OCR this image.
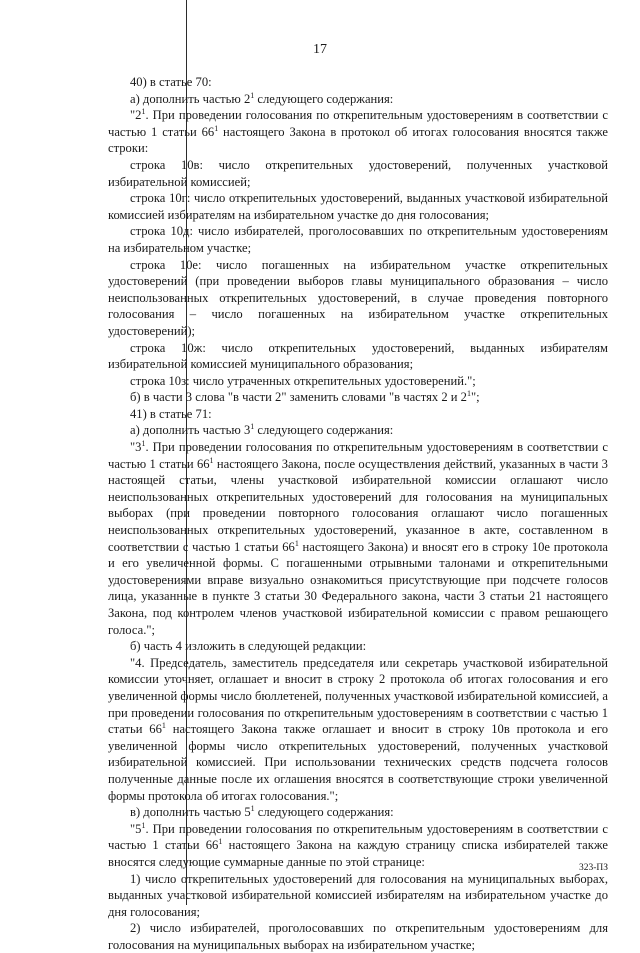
17

40) в статье 70:

а) дополнить частью $2^1$ следующего содержания:

"$2^1$. При проведении голосования по открепительным удостоверениям в соответствии с частью 1 статьи $66^1$ настоящего Закона в протокол об итогах голосования вносятся также строки:

строка 10в: число открепительных удостоверений, полученных участковой избирательной комиссией;

строка 10г: число открепительных удостоверений, выданных участковой избирательной комиссией избирателям на избирательном участке до дня голосования;

строка 10д: число избирателей, проголосовавших по открепительным удостоверениям на избирательном участке;

строка 10е: число погашенных на избирательном участке открепительных удостоверений (при проведении выборов главы муниципального образования – число неиспользованных открепительных удостоверений, в случае проведения повторного голосования – число погашенных на избирательном участке открепительных удостоверений);

строка 10ж: число открепительных удостоверений, выданных избирателям избирательной комиссией муниципального образования;

строка 10з: число утраченных открепительных удостоверений.";

б) в части 3 слова "в части 2" заменить словами "в частях 2 и $2^1$";

41) в статье 71:

а) дополнить частью $3^1$ следующего содержания:

"$3^1$. При проведении голосования по открепительным удостоверениям в соответствии с частью 1 статьи $66^1$ настоящего Закона, после осуществления действий, указанных в части 3 настоящей статьи, члены участковой избирательной комиссии оглашают число неиспользованных открепительных удостоверений для голосования на муниципальных выборах (при проведении повторного голосования оглашают число погашенных неиспользованных открепительных удостоверений, указанное в акте, составленном в соответствии с частью 1 статьи $66^1$ настоящего Закона) и вносят его в строку 10е протокола и его увеличенной формы. С погашенными отрывными талонами и открепительными удостоверениями вправе визуально ознакомиться присутствующие при подсчете голосов лица, указанные в пункте 3 статьи 30 Федерального закона, части 3 статьи 21 настоящего Закона, под контролем членов участковой избирательной комиссии с правом решающего голоса.";

б) часть 4 изложить в следующей редакции:

"4. Председатель, заместитель председателя или секретарь участковой избирательной комиссии уточняет, оглашает и вносит в строку 2 протокола об итогах голосования и его увеличенной формы число бюллетеней, полученных участковой избирательной комиссией, а при проведении голосования по открепительным удостоверениям в соответствии с частью 1 статьи $66^1$ настоящего Закона также оглашает и вносит в строку 10в протокола и его увеличенной формы число открепительных удостоверений, полученных участковой избирательной комиссией. При использовании технических средств подсчета голосов полученные данные после их оглашения вносятся в соответствующие строки увеличенной формы протокола об итогах голосования.";

в) дополнить частью $5^1$ следующего содержания:

"$5^1$. При проведении голосования по открепительным удостоверениям в соответствии с частью 1 статьи $66^1$ настоящего Закона на каждую страницу списка избирателей также вносятся следующие суммарные данные по этой странице:

1) число открепительных удостоверений для голосования на муниципальных выборах, выданных участковой избирательной комиссией избирателям на избирательном участке до дня голосования;

2) число избирателей, проголосовавших по открепительным удостоверениям для голосования на муниципальных выборах на избирательном участке;

323-ПЗ
